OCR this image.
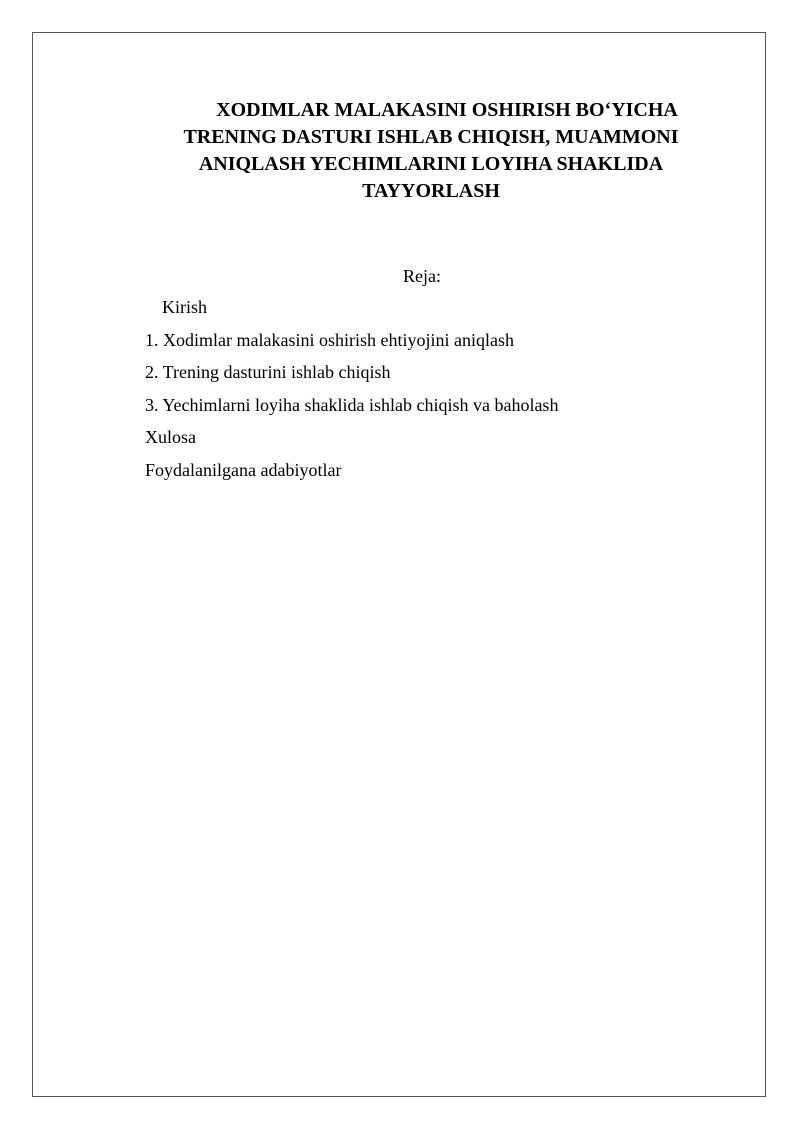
XODIMLAR MALAKASINI OSHIRISH BO‘YICHA
TRENING DASTURI ISHLAB CHIQISH, MUAMMONI
ANIQLASH YECHIMLARINI LOYIHA SHAKLIDA
TAYYORLASH
Reja:
Kirish
1. Xodimlar malakasini oshirish ehtiyojini aniqlash
2. Trening dasturini ishlab chiqish
3. Yechimlarni loyiha shaklida ishlab chiqish va baholash
Xulosa
Foydalanilgana adabiyotlar
